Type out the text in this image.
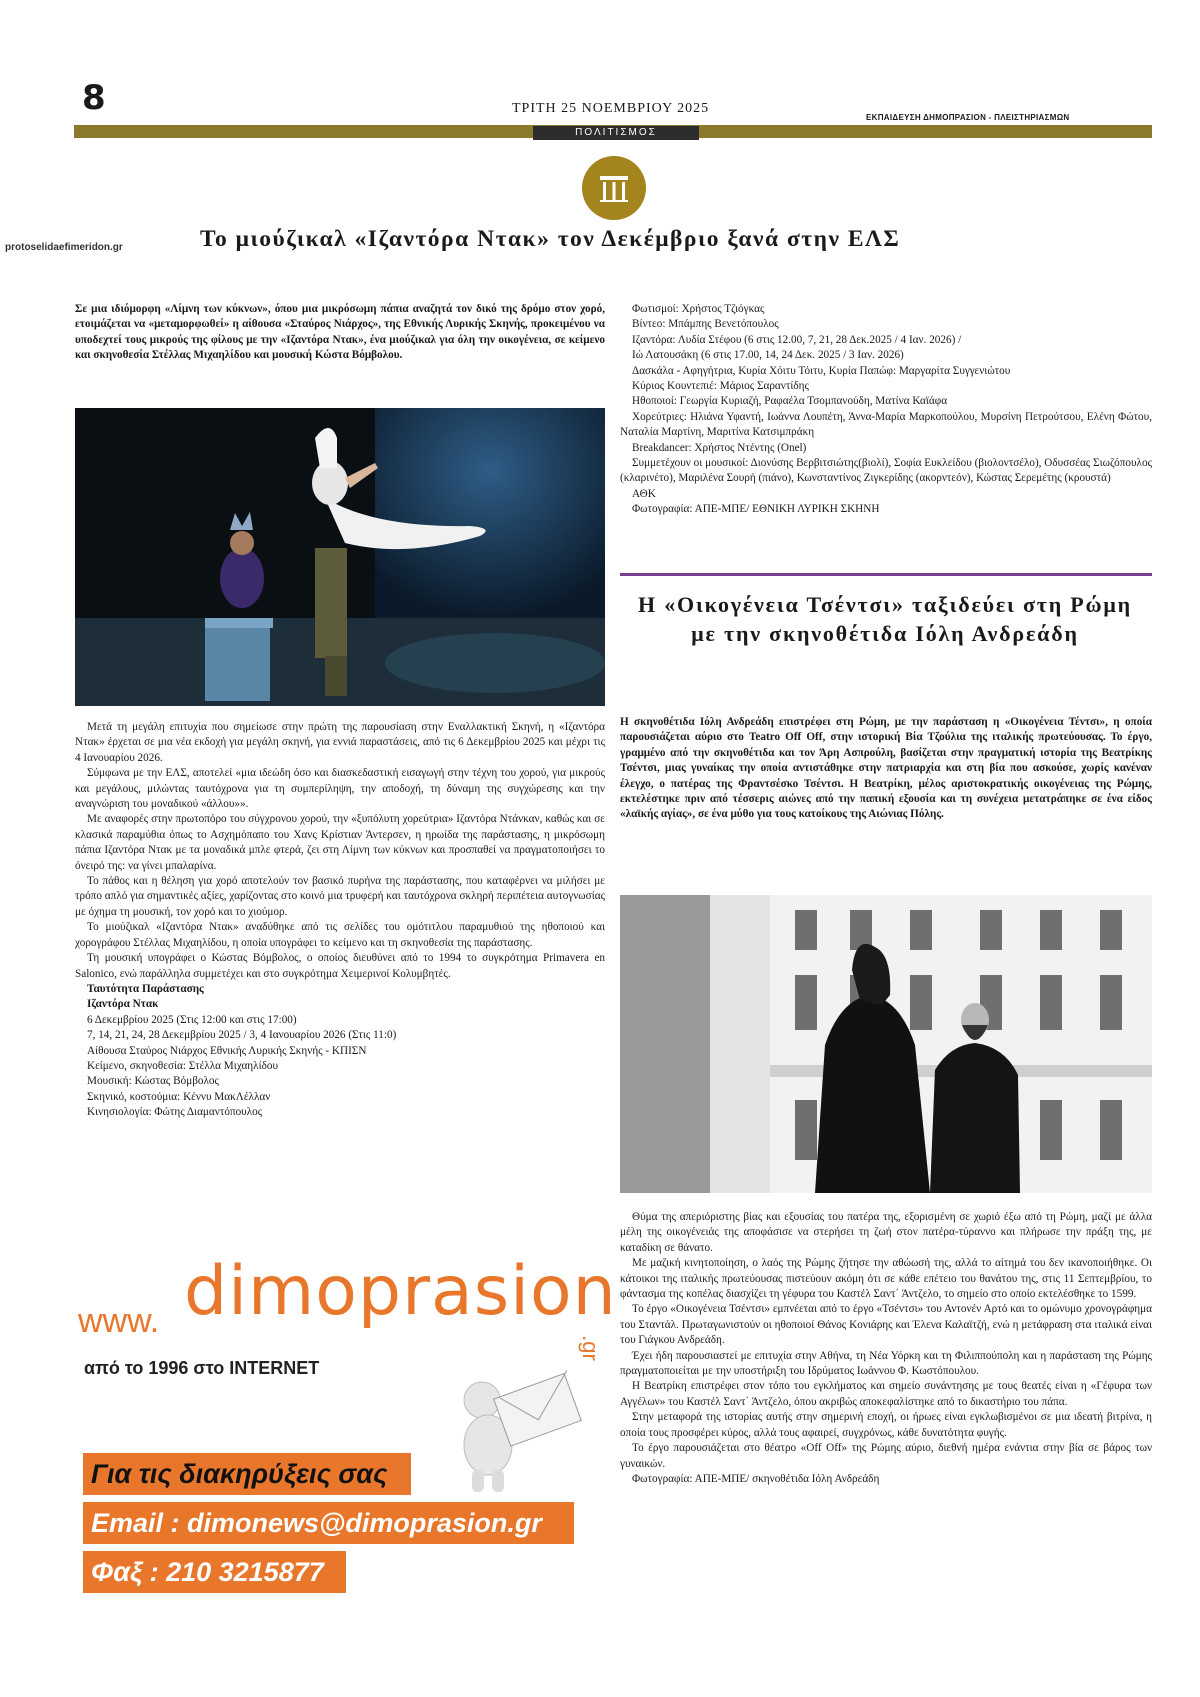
8	ΤΡΙΤΗ 25 ΝΟΕΜΒΡΙΟΥ 2025
ΕΚΠΑΙΔΕΥΣΗ ΔΗΜΟΠΡΑΣΙΟΝ - ΠΛΕΙΣΤΗΡΙΑΣΜΩΝ
ΠΟΛΙΤΙΣΜΟΣ
protoselidaefimeridon.gr	Το μιούζικαλ «Ιζαντόρα Ντακ» τον Δεκέμβριο ξανά στην ΕΛΣ
Σε μια ιδιόμορφη «Λίμνη των κύκνων», όπου μια μικρόσωμη πάπια αναζητά τον δικό της δρόμο στον χορό, ετοιμάζεται να «μεταμορφωθεί» η αίθουσα «Σταύρος Νιάρχος», της Εθνικής Λυρικής Σκηνής, προκειμένου να υποδεχτεί τους μικρούς της φίλους με την «Ιζαντόρα Ντακ», ένα μιούζικαλ για όλη την οικογένεια, σε κείμενο και σκηνοθεσία Στέλλας Μιχαηλίδου και μουσική Κώστα Βόμβολου.

Μετά τη μεγάλη επιτυχία που σημείωσε στην πρώτη της παρουσίαση στην Εναλλακτική Σκηνή, η «Ιζαντόρα Ντακ» έρχεται σε μια νέα εκδοχή για μεγάλη σκηνή, για εννιά παραστάσεις, από τις 6 Δεκεμβρίου 2025 και μέχρι τις 4 Ιανουαρίου 2026.

Σύμφωνα με την ΕΛΣ, αποτελεί «μια ιδεώδη όσο και διασκεδαστική εισαγωγή στην τέχνη του χορού, για μικρούς και μεγάλους, μιλώντας ταυτόχρονα για τη συμπερίληψη, την αποδοχή, τη δύναμη της συγχώρεσης και την αναγνώριση του μοναδικού «άλλου»».

Με αναφορές στην πρωτοπόρο του σύγχρονου χορού, την «ξυπόλυτη χορεύτρια» Ιζαντόρα Ντάνκαν, καθώς και σε κλασικά παραμύθια όπως το Ασχημόπαπο του Χανς Κρίστιαν Άντερσεν, η ηρωίδα της παράστασης, η μικρόσωμη πάπια Ιζαντόρα Ντακ με τα μοναδικά μπλε φτερά, ζει στη Λίμνη των κύκνων και προσπαθεί να πραγματοποιήσει το όνειρό της: να γίνει μπαλαρίνα.

Το πάθος και η θέληση για χορό αποτελούν τον βασικό πυρήνα της παράστασης, που καταφέρνει να μιλήσει με τρόπο απλό για σημαντικές αξίες, χαρίζοντας στο κοινό μια τρυφερή και ταυτόχρονα σκληρή περιπέτεια αυτογνωσίας με όχημα τη μουσική, τον χορό και το χιούμορ.

Το μιούζικαλ «Ιζαντόρα Ντακ» αναδύθηκε από τις σελίδες του ομότιτλου παραμυθιού της ηθοποιού και χορογράφου Στέλλας Μιχαηλίδου, η οποία υπογράφει το κείμενο και τη σκηνοθεσία της παράστασης.

Τη μουσική υπογράφει ο Κώστας Βόμβολος, ο οποίος διευθύνει από το 1994 το συγκρότημα Primavera en Salonico, ενώ παράλληλα συμμετέχει και στο συγκρότημα Χειμερινοί Κολυμβητές.

Ταυτότητα Παράστασης

Ιζαντόρα Ντακ

6 Δεκεμβρίου 2025 (Στις 12:00 και στις 17:00)

7, 14, 21, 24, 28 Δεκεμβρίου 2025 / 3, 4 Ιανουαρίου 2026 (Στις 11:0)

Αίθουσα Σταύρος Νιάρχος Εθνικής Λυρικής Σκηνής - ΚΠΙΣΝ

Κείμενο, σκηνοθεσία: Στέλλα Μιχαηλίδου

Μουσική: Κώστας Βόμβολος

Σκηνικό, κοστούμια: Κέννυ ΜακΛέλλαν

Κινησιολογία: Φώτης Διαμαντόπουλος

Φωτισμοί: Χρήστος Τζιόγκας

Βίντεο: Μπάμπης Βενετόπουλος

Ιζαντόρα: Λυδία Στέφου (6 στις 12.00, 7, 21, 28 Δεκ.2025 / 4 Ιαν. 2026) /

Ιώ Λατουσάκη (6 στις 17.00, 14, 24 Δεκ. 2025 / 3 Ιαν. 2026)

Δασκάλα - Αφηγήτρια, Κυρία Χόιτυ Τόιτυ, Κυρία Παπώφ: Μαργαρίτα Συγγενιώτου

Κύριος Κουντεπιέ: Μάριος Σαραντίδης

Ηθοποιοί: Γεωργία Κυριαζή, Ραφαέλα Τσομπανούδη, Ματίνα Καϊάφα

Χορεύτριες: Ηλιάνα Υφαντή, Ιωάννα Λουπέτη, Άννα-Μαρία Μαρκοπούλου, Μυρσίνη Πετρούτσου, Ελένη Φώτου, Ναταλία Μαρτίνη, Μαριτίνα Κατσιμπράκη

Breakdancer: Χρήστος Ντέντης (Onel)

Συμμετέχουν οι μουσικοί: Διονύσης Βερβιτσιώτης(βιολί), Σοφία Ευκλείδου (βιολοντσέλο), Οδυσσέας Σιωζόπουλος (κλαρινέτο), Μαριλένα Σουρή (πιάνο), Κωνσταντίνος Ζιγκερίδης (ακορντεόν), Κώστας Σερεμέτης (κρουστά)

ΑΘΚ

Φωτογραφία: ΑΠΕ-ΜΠΕ/ ΕΘΝΙΚΗ ΛΥΡΙΚΗ ΣΚΗΝΗ

Η «Οικογένεια Τσέντσι» ταξιδεύει στη Ρώμη με την σκηνοθέτιδα Ιόλη Ανδρεάδη
Η σκηνοθέτιδα Ιόλη Ανδρεάδη επιστρέφει στη Ρώμη, με την παράσταση η «Οικογένεια Τέντσι», η οποία παρουσιάζεται αύριο στο Teatro Off Off, στην ιστορική Βία Τζούλια της ιταλικής πρωτεύουσας. Το έργο, γραμμένο από την σκηνοθέτιδα και τον Άρη Ασπρούλη, βασίζεται στην πραγματική ιστορία της Βεατρίκης Τσέντσι, μιας γυναίκας την οποία αντιστάθηκε στην πατριαρχία και στη βία που ασκούσε, χωρίς κανέναν έλεγχο, ο πατέρας της Φραντσέσκο Τσέντσι. Η Βεατρίκη, μέλος αριστοκρατικής οικογένειας της Ρώμης, εκτελέστηκε πριν από τέσσερις αιώνες από την παπική εξουσία και τη συνέχεια μετατράπηκε σε ένα είδος «λαϊκής αγίας», σε ένα μύθο για τους κατοίκους της Αιώνιας Πόλης.

Θύμα της απεριόριστης βίας και εξουσίας του πατέρα της, εξορισμένη σε χωριό έξω από τη Ρώμη, μαζί με άλλα μέλη της οικογένειάς της αποφάσισε να στερήσει τη ζωή στον πατέρα-τύραννο και πλήρωσε την πράξη της, με καταδίκη σε θάνατο.

Με μαζική κινητοποίηση, ο λαός της Ρώμης ζήτησε την αθώωσή της, αλλά το αίτημά του δεν ικανοποιήθηκε. Οι κάτοικοι της ιταλικής πρωτεύουσας πιστεύουν ακόμη ότι σε κάθε επέτειο του θανάτου της, στις 11 Σεπτεμβρίου, το φάντασμα της κοπέλας διασχίζει τη γέφυρα του Καστέλ Σαντ΄ Άντζελο, το σημείο στο οποίο εκτελέσθηκε το 1599.

Το έργο «Οικογένεια Τσέντσι» εμπνέεται από το έργο «Τσέντσι» του Αντονέν Αρτό και το ομώνυμο χρονογράφημα του Σταντάλ. Πρωταγωνιστούν οι ηθοποιοί Θάνος Κονιάρης και Έλενα Καλαϊτζή, ενώ η μετάφραση στα ιταλικά είναι του Γιάγκου Ανδρεάδη.

Έχει ήδη παρουσιαστεί με επιτυχία στην Αθήνα, τη Νέα Υόρκη και τη Φιλιππούπολη και η παράσταση της Ρώμης πραγματοποιείται με την υποστήριξη του Ιδρύματος Ιωάννου Φ. Κωστόπουλου.

Η Βεατρίκη επιστρέφει στον τόπο του εγκλήματος και σημείο συνάντησης με τους θεατές είναι η «Γέφυρα των Αγγέλων» του Καστέλ Σαντ΄ Άντζελο, όπου ακριβώς αποκεφαλίστηκε από το δικαστήριο του πάπα.

Στην μεταφορά της ιστορίας αυτής στην σημερινή εποχή, οι ήρωες είναι εγκλωβισμένοι σε μια ιδεατή βιτρίνα, η οποία τους προσφέρει κύρος, αλλά τους αφαιρεί, συγχρόνως, κάθε δυνατότητα φυγής.

Το έργο παρουσιάζεται στο θέατρο «Off Off» της Ρώμης αύριο, διεθνή ημέρα ενάντια στην βία σε βάρος των γυναικών.

Φωτογραφία: ΑΠΕ-ΜΠΕ/ σκηνοθέτιδα Ιόλη Ανδρεάδη

www. dimoprasion
.gr
από το 1996 στο INTERNET
Για τις διακηρύξεις σας
Email : dimonews@dimoprasion.gr
Φαξ : 210 3215877
